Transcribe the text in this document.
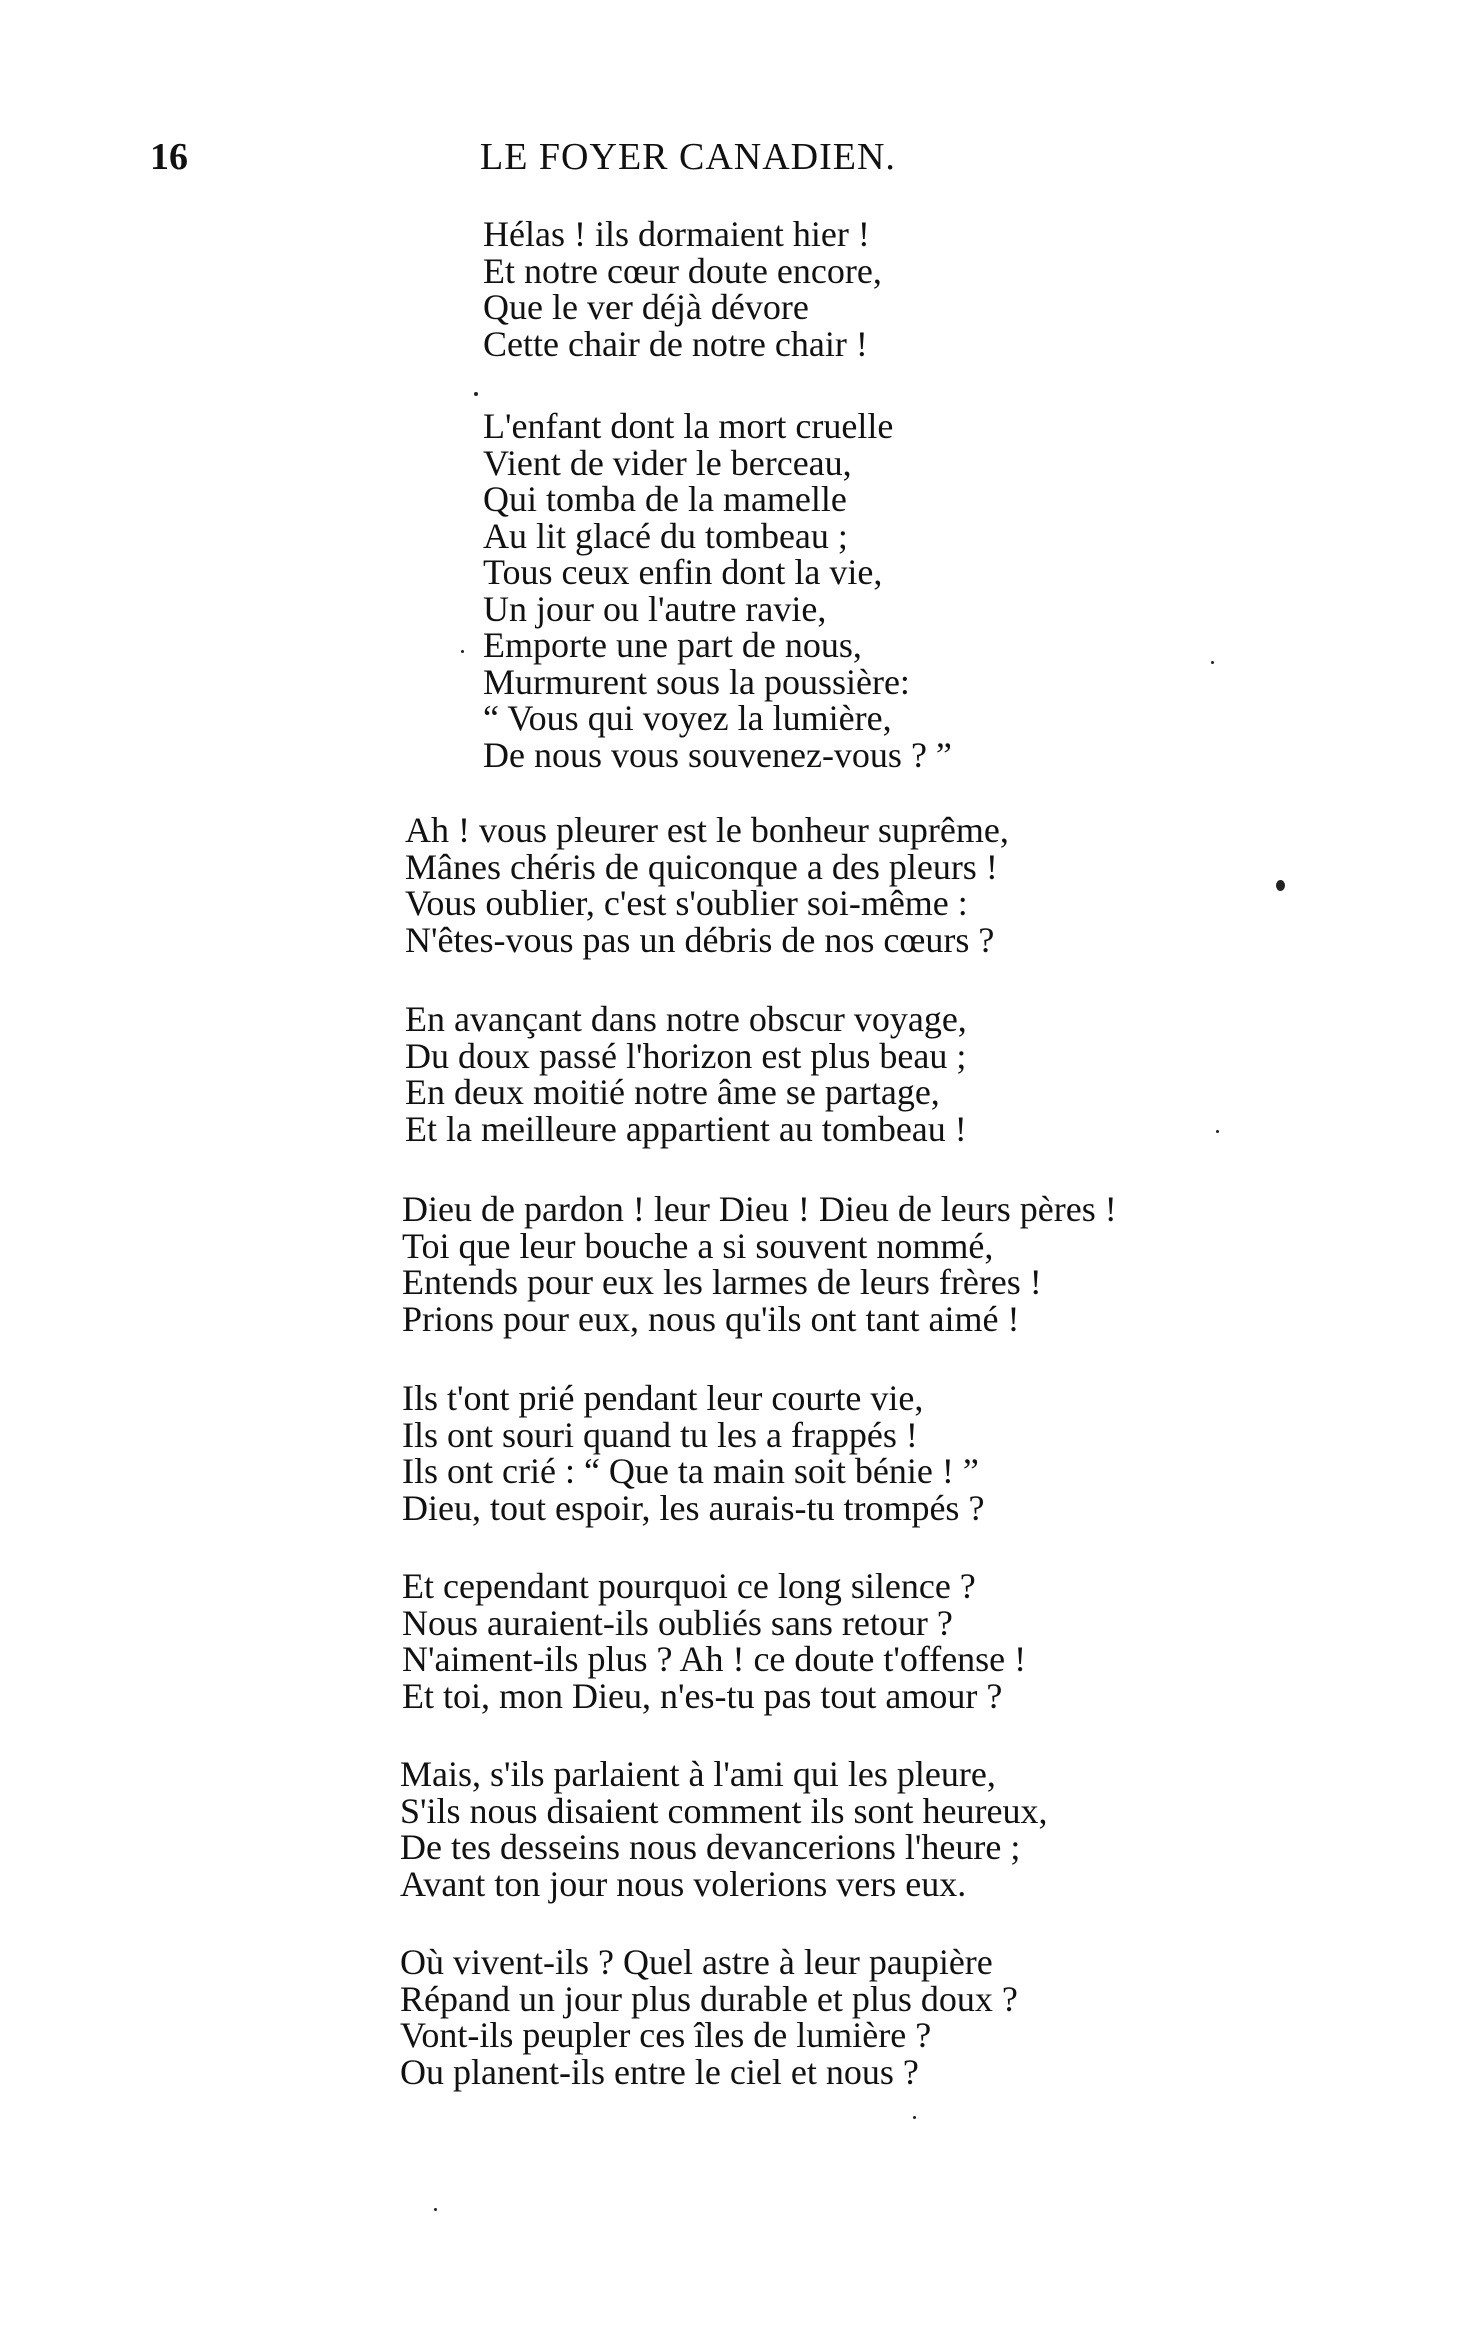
16	LE FOYER CANADIEN.
Hélas ! ils dormaient hier !
Et notre cœur doute encore,
Que le ver déjà dévore
Cette chair de notre chair !
L'enfant dont la mort cruelle
Vient de vider le berceau,
Qui tomba de la mamelle
Au lit glacé du tombeau ;
Tous ceux enfin dont la vie,
Un jour ou l'autre ravie,
Emporte une part de nous,
Murmurent sous la poussière:
“ Vous qui voyez la lumière,
De nous vous souvenez-vous ? ”
Ah ! vous pleurer est le bonheur suprême,
Mânes chéris de quiconque a des pleurs !
Vous oublier, c'est s'oublier soi-même :
N'êtes-vous pas un débris de nos cœurs ?
En avançant dans notre obscur voyage,
Du doux passé l'horizon est plus beau ;
En deux moitié notre âme se partage,
Et la meilleure appartient au tombeau !
Dieu de pardon ! leur Dieu ! Dieu de leurs pères !
Toi que leur bouche a si souvent nommé,
Entends pour eux les larmes de leurs frères !
Prions pour eux, nous qu'ils ont tant aimé !
Ils t'ont prié pendant leur courte vie,
Ils ont souri quand tu les a frappés !
Ils ont crié : “ Que ta main soit bénie ! ”
Dieu, tout espoir, les aurais-tu trompés ?
Et cependant pourquoi ce long silence ?
Nous auraient-ils oubliés sans retour ?
N'aiment-ils plus ? Ah ! ce doute t'offense !
Et toi, mon Dieu, n'es-tu pas tout amour ?
Mais, s'ils parlaient à l'ami qui les pleure,
S'ils nous disaient comment ils sont heureux,
De tes desseins nous devancerions l'heure ;
Avant ton jour nous volerions vers eux.
Où vivent-ils ? Quel astre à leur paupière
Répand un jour plus durable et plus doux ?
Vont-ils peupler ces îles de lumière ?
Ou planent-ils entre le ciel et nous ?
